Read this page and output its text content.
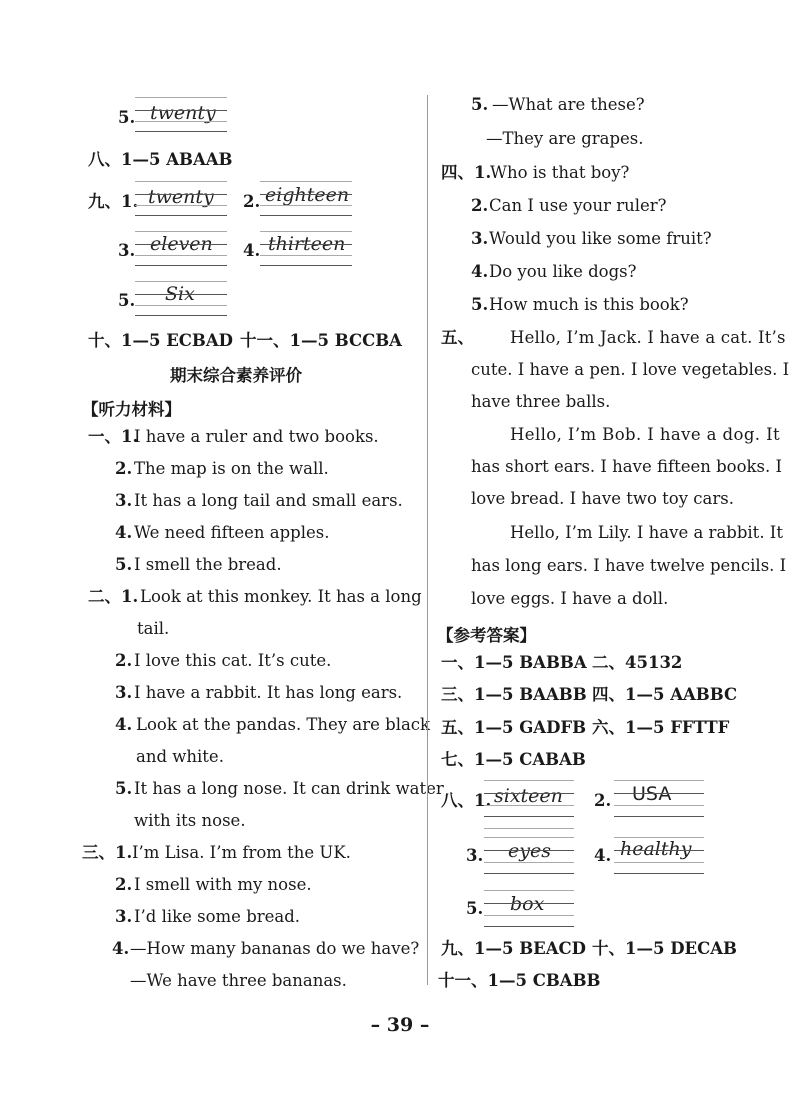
5. twenty
八、1—5 ABAAB
九、1. twenty 2. eighteen
3. eleven 4. thirteen
5. Six
十、1—5 ECBAD 十一、1—5 BCCBA
期末综合素养评价
【听力材料】
一、1.
I have a ruler and two books.
2. The map is on the wall.
3. It has a long tail and small ears.
4. We need fifteen apples.
5. I smell the bread.
二、1. Look at this monkey. It has a long
tail.
2. I love this cat. It’s cute.
3. I have a rabbit. It has long ears.
4. Look at the pandas. They are black
and white.
5. It has a long nose. It can drink water
with its nose.
三、1. I’m Lisa. I’m from the UK.
2. I smell with my nose.
3. I’d like some bread.
4. —How many bananas do we have?
—We have three bananas.
5. —What are these?
—They are grapes.
四、1.
Who is that boy?
2. Can I use your ruler?
3. Would you like some fruit?
4. Do you like dogs?
5. How much is this book?
五、 Hello, I’m Jack. I have a cat. It’s
cute. I have a pen. I love vegetables. I
have three balls.
Hello, I’m Bob. I have a dog. It
has short ears. I have fifteen books. I
love bread. I have two toy cars.
Hello, I’m Lily. I have a rabbit. It
has long ears. I have twelve pencils. I
love eggs. I have a doll.
【参考答案】
一、1—5 BABBA 二、45132
三、1—5 BAABB 四、1—5 AABBC
五、1—5 GADFB 六、1—5 FFTTF
七、1—5 CABAB
八、1. sixteen 2. USA
3. eyes	4. healthy
5. box
九、1—5 BEACD 十、1—5 DECAB
十一、1—5 CBABB
– 39 –
